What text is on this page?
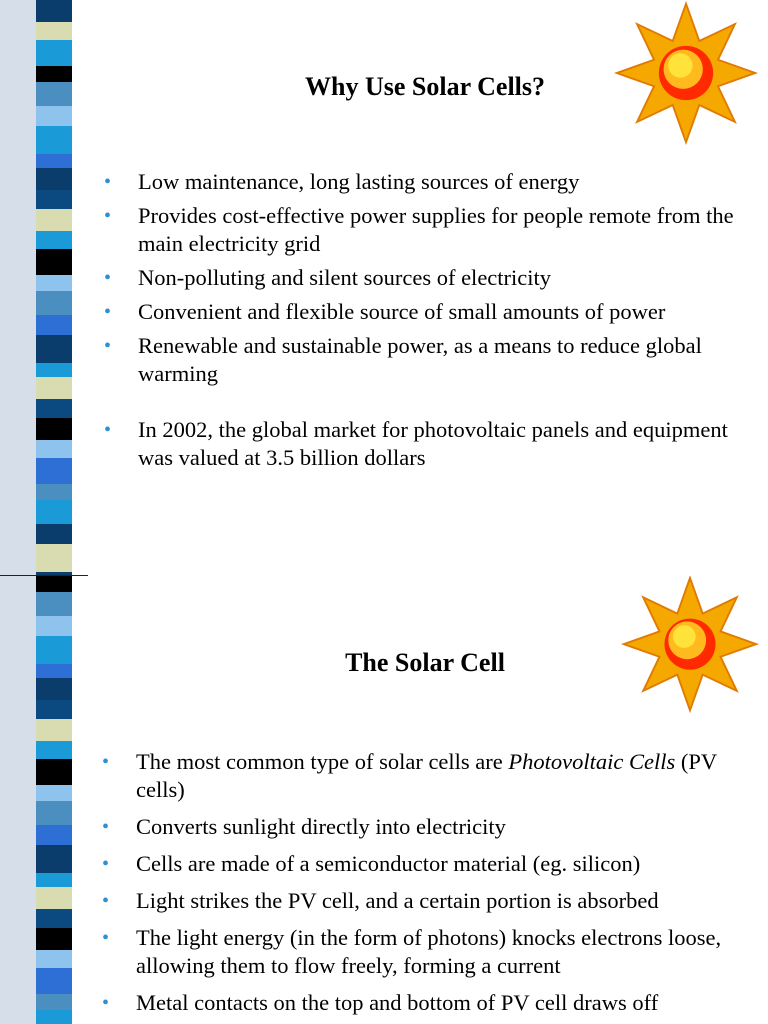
Why Use Solar Cells?
• Low maintenance, long lasting sources of energy
• Provides cost-effective power supplies for people remote from the main electricity grid
• Non-polluting and silent sources of electricity
• Convenient and flexible source of small amounts of power
• Renewable and sustainable power, as a means to reduce global warming
• In 2002, the global market for photovoltaic panels and equipment was valued at 3.5 billion dollars
The Solar Cell
• The most common type of solar cells are Photovoltaic Cells (PV cells)
• Converts sunlight directly into electricity
• Cells are made of a semiconductor material (eg. silicon)
• Light strikes the PV cell, and a certain portion is absorbed
• The light energy (in the form of photons) knocks electrons loose, allowing them to flow freely, forming a current
• Metal contacts on the top and bottom of PV cell draws off
